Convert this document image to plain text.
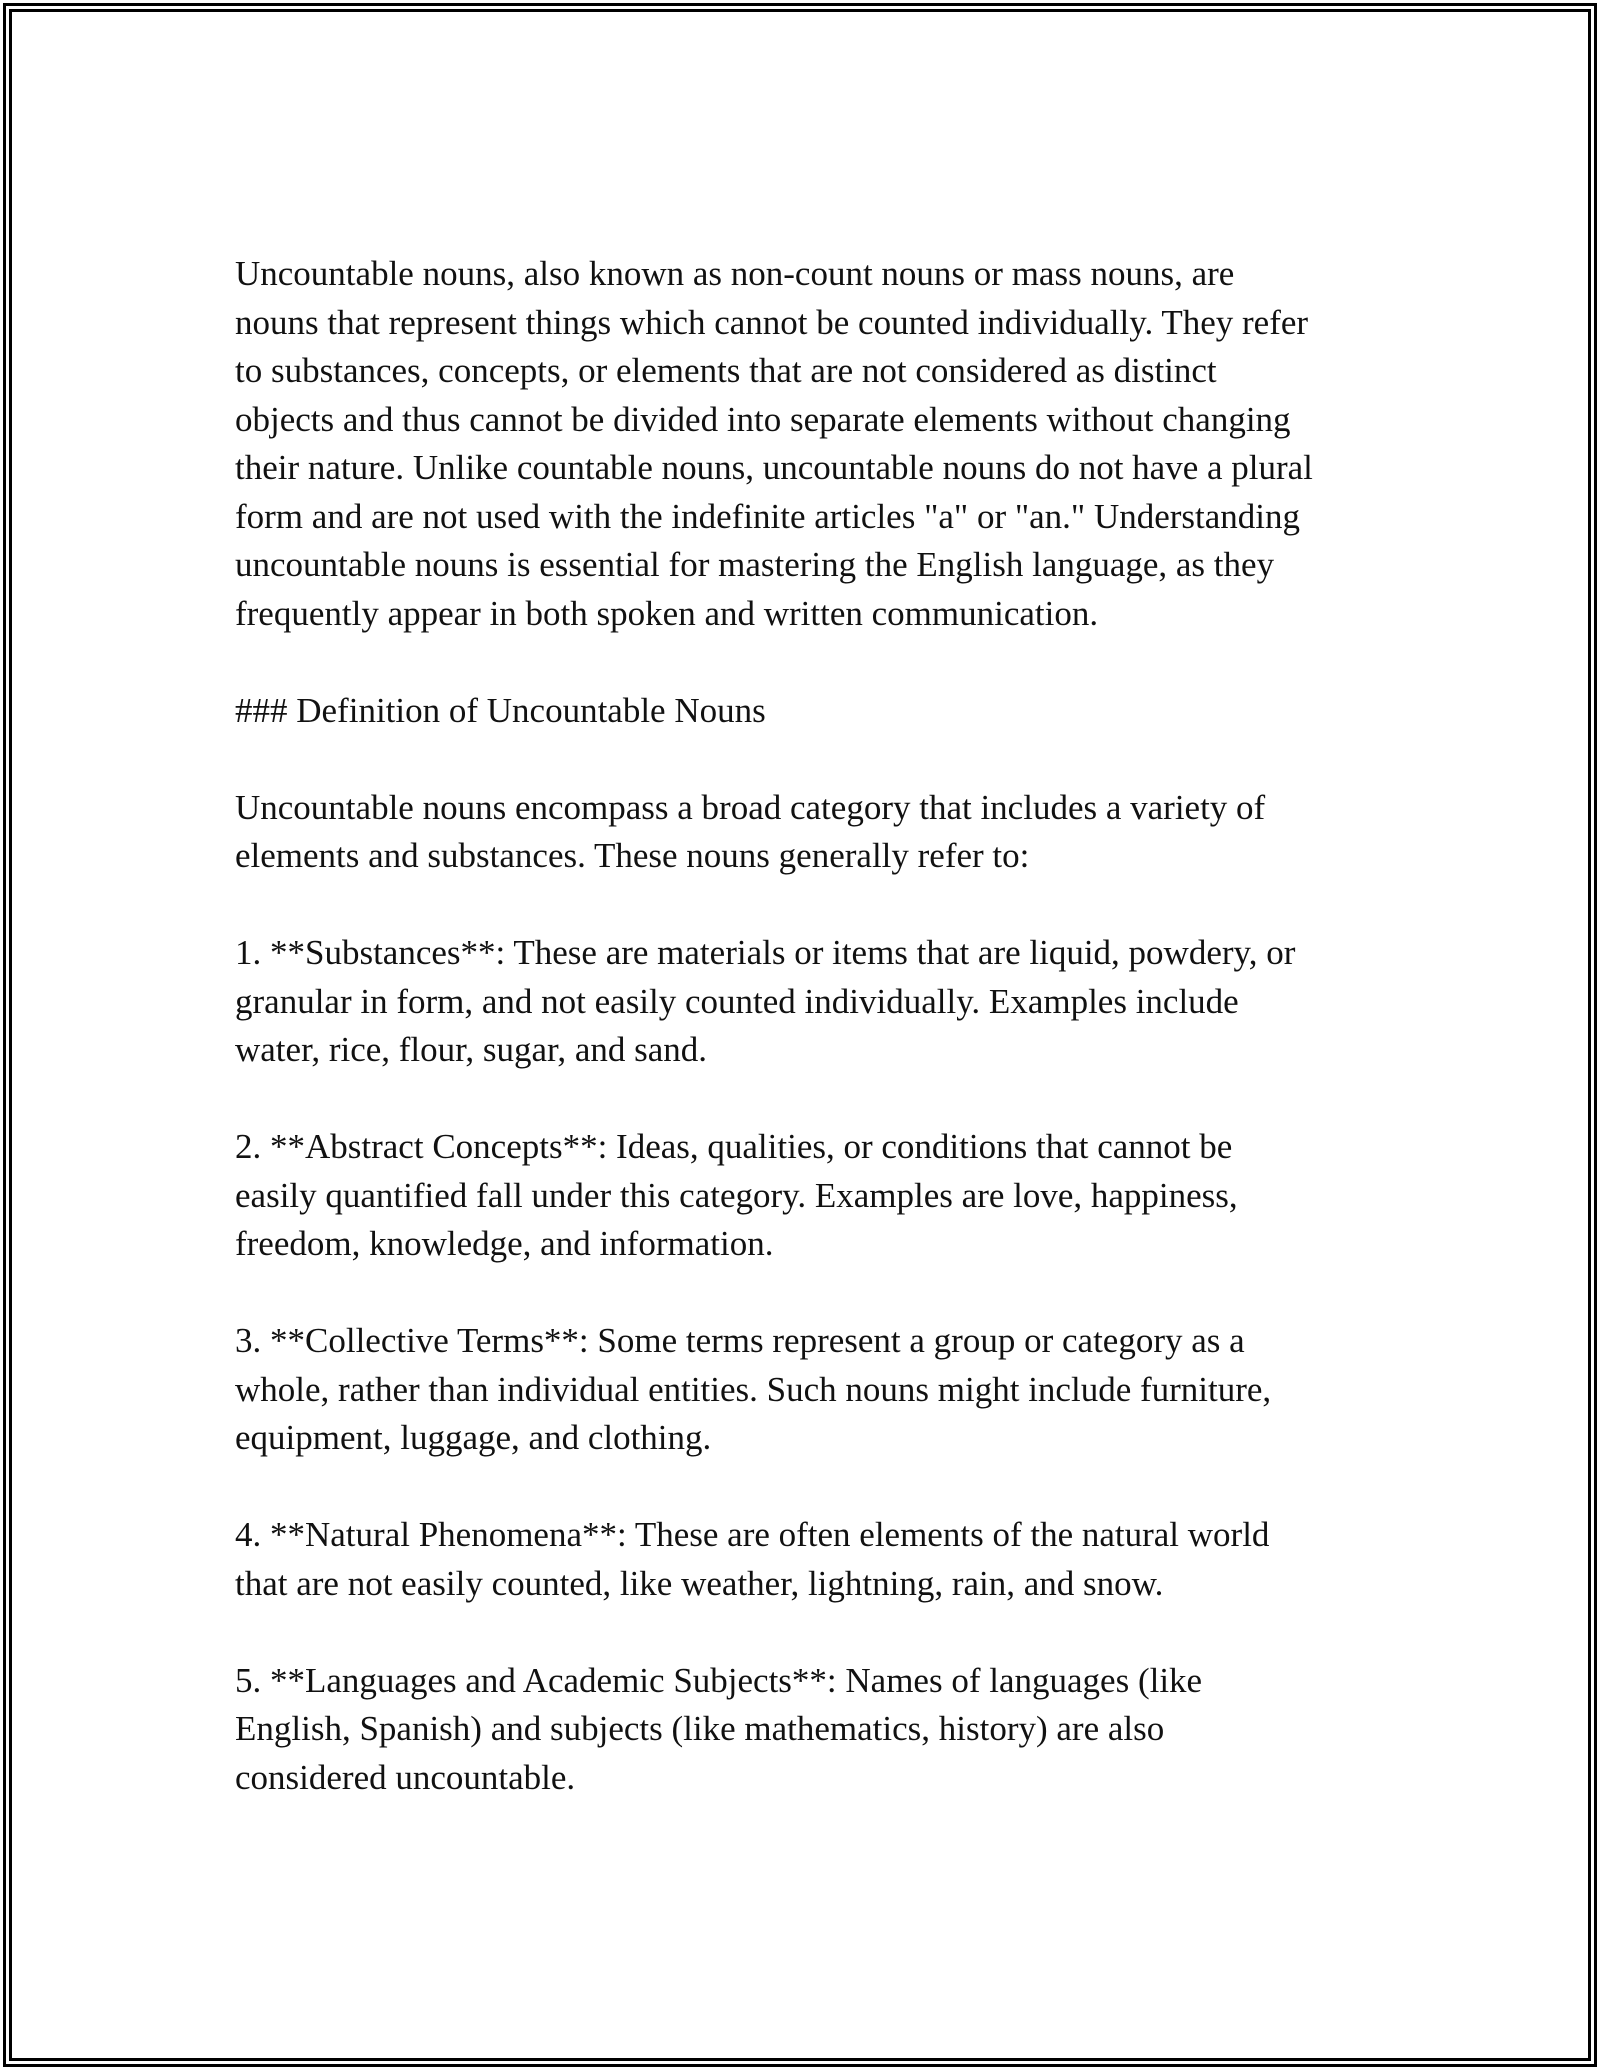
Uncountable nouns, also known as non-count nouns or mass nouns, are
nouns that represent things which cannot be counted individually. They refer
to substances, concepts, or elements that are not considered as distinct
objects and thus cannot be divided into separate elements without changing
their nature. Unlike countable nouns, uncountable nouns do not have a plural
form and are not used with the indefinite articles "a" or "an." Understanding
uncountable nouns is essential for mastering the English language, as they
frequently appear in both spoken and written communication.

### Definition of Uncountable Nouns

Uncountable nouns encompass a broad category that includes a variety of
elements and substances. These nouns generally refer to:

1. **Substances**: These are materials or items that are liquid, powdery, or
granular in form, and not easily counted individually. Examples include
water, rice, flour, sugar, and sand.

2. **Abstract Concepts**: Ideas, qualities, or conditions that cannot be
easily quantified fall under this category. Examples are love, happiness,
freedom, knowledge, and information.

3. **Collective Terms**: Some terms represent a group or category as a
whole, rather than individual entities. Such nouns might include furniture,
equipment, luggage, and clothing.

4. **Natural Phenomena**: These are often elements of the natural world
that are not easily counted, like weather, lightning, rain, and snow.

5. **Languages and Academic Subjects**: Names of languages (like
English, Spanish) and subjects (like mathematics, history) are also
considered uncountable.
